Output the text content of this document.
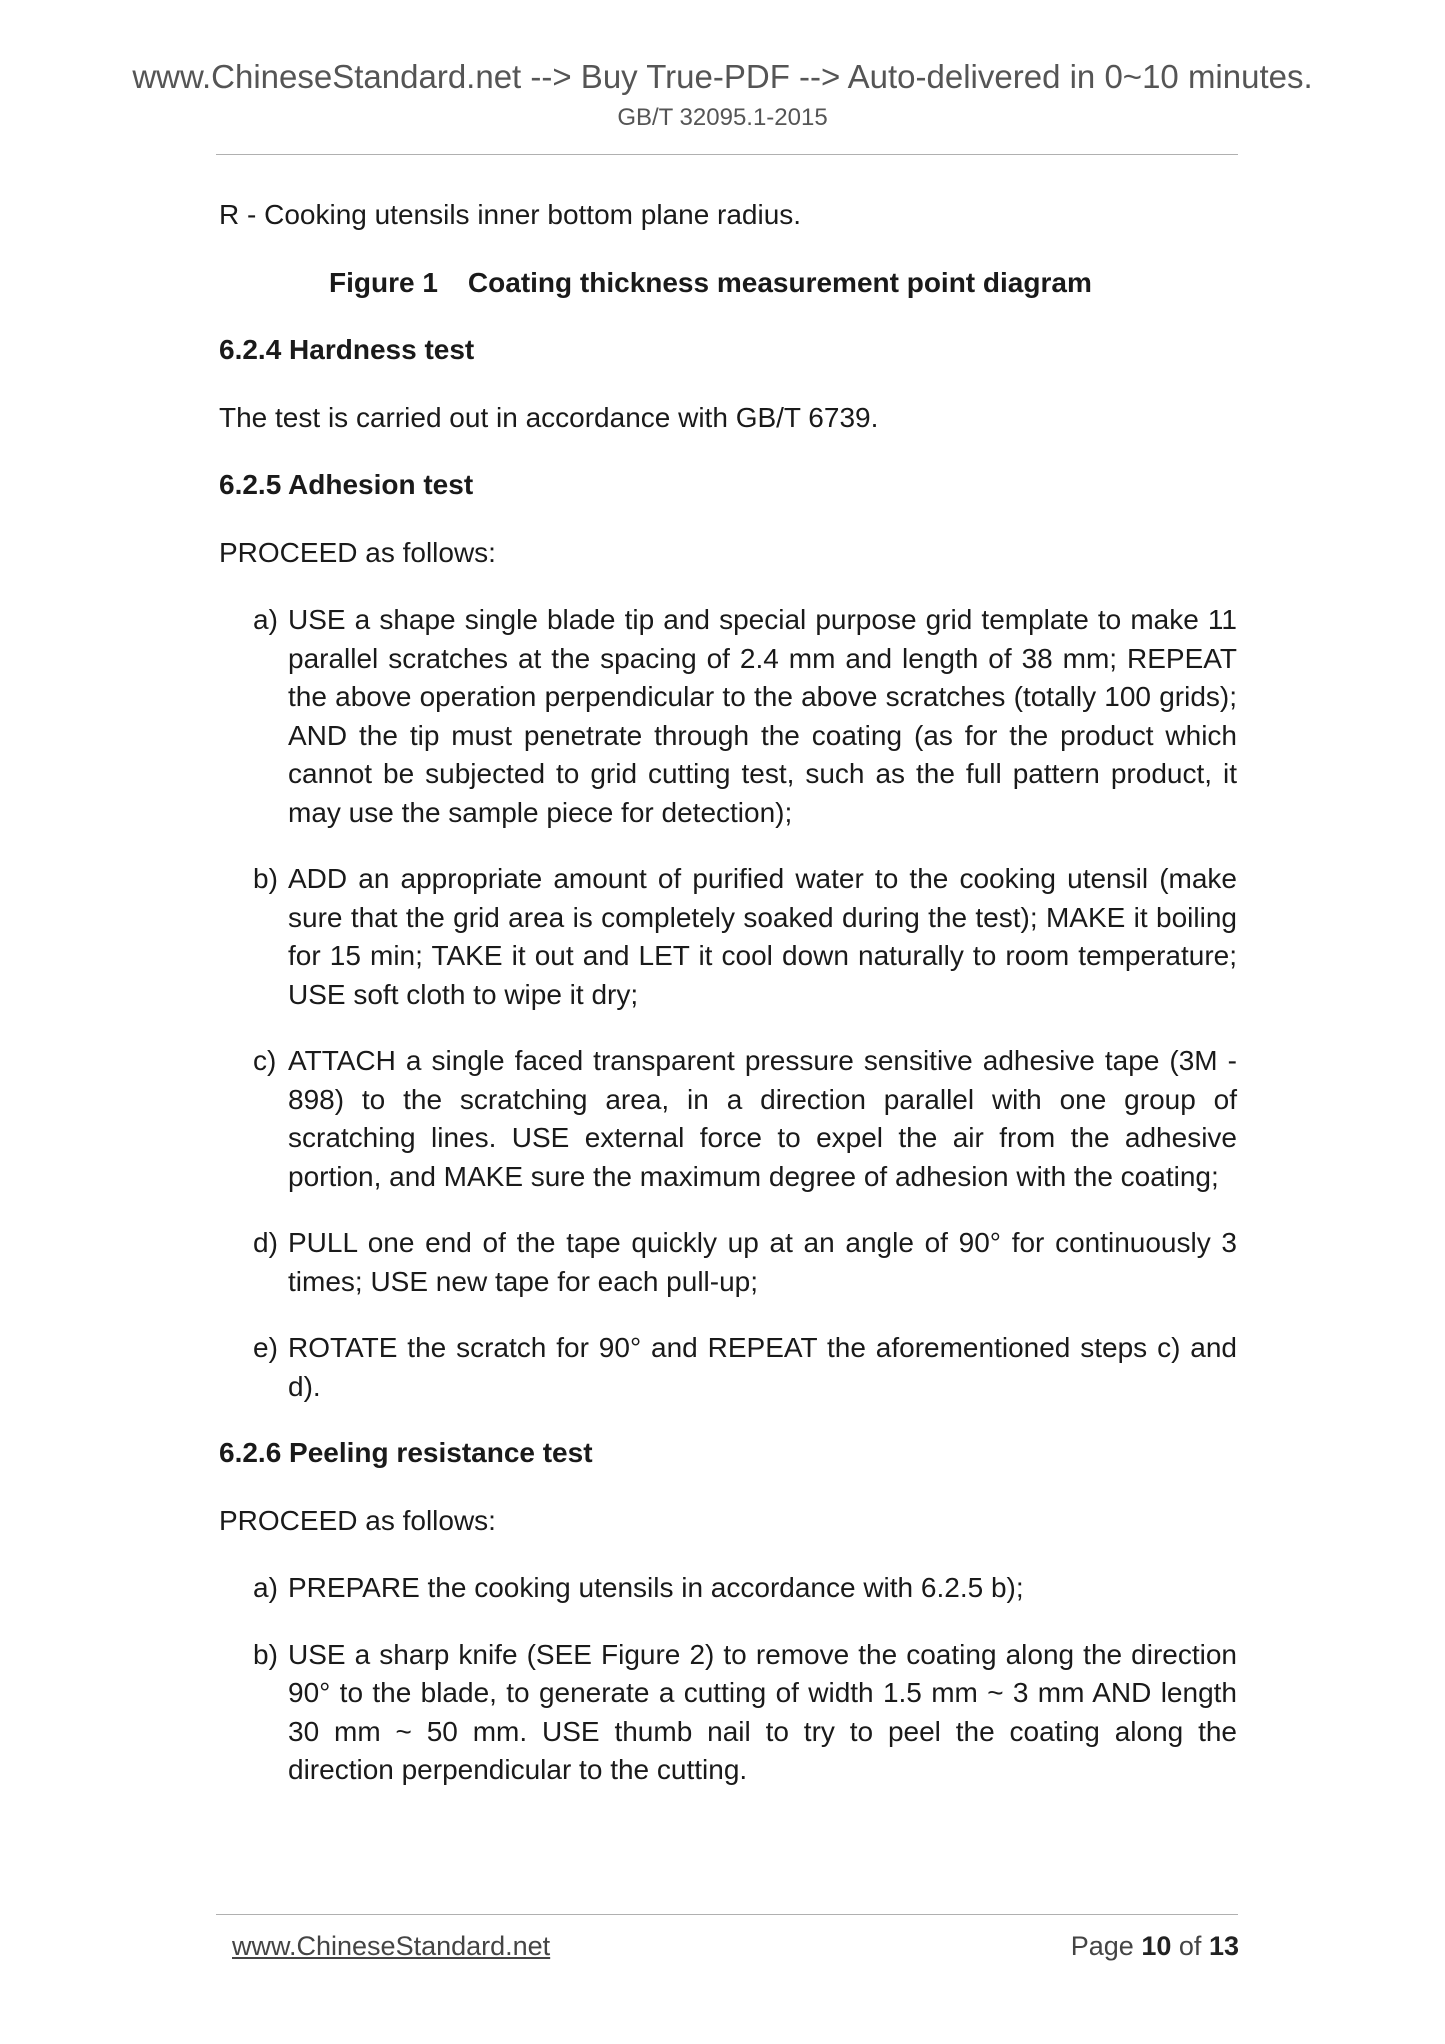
www.ChineseStandard.net --> Buy True-PDF --> Auto-delivered in 0~10 minutes.
GB/T 32095.1-2015

R - Cooking utensils inner bottom plane radius.

Figure 1 Coating thickness measurement point diagram

6.2.4 Hardness test

The test is carried out in accordance with GB/T 6739.

6.2.5 Adhesion test

PROCEED as follows:

a) USE a shape single blade tip and special purpose grid template to make 11 parallel scratches at the spacing of 2.4 mm and length of 38 mm; REPEAT the above operation perpendicular to the above scratches (totally 100 grids); AND the tip must penetrate through the coating (as for the product which cannot be subjected to grid cutting test, such as the full pattern product, it may use the sample piece for detection);
b) ADD an appropriate amount of purified water to the cooking utensil (make sure that the grid area is completely soaked during the test); MAKE it boiling for 15 min; TAKE it out and LET it cool down naturally to room temperature; USE soft cloth to wipe it dry;
c) ATTACH a single faced transparent pressure sensitive adhesive tape (3M - 898) to the scratching area, in a direction parallel with one group of scratching lines. USE external force to expel the air from the adhesive portion, and MAKE sure the maximum degree of adhesion with the coating;
d) PULL one end of the tape quickly up at an angle of 90° for continuously 3 times; USE new tape for each pull-up;
e) ROTATE the scratch for 90° and REPEAT the aforementioned steps c) and d).
6.2.6 Peeling resistance test

PROCEED as follows:

a) PREPARE the cooking utensils in accordance with 6.2.5 b);
b) USE a sharp knife (SEE Figure 2) to remove the coating along the direction 90° to the blade, to generate a cutting of width 1.5 mm ~ 3 mm AND length 30 mm ~ 50 mm. USE thumb nail to try to peel the coating along the direction perpendicular to the cutting.
www.ChineseStandard.net	Page 10 of 13
